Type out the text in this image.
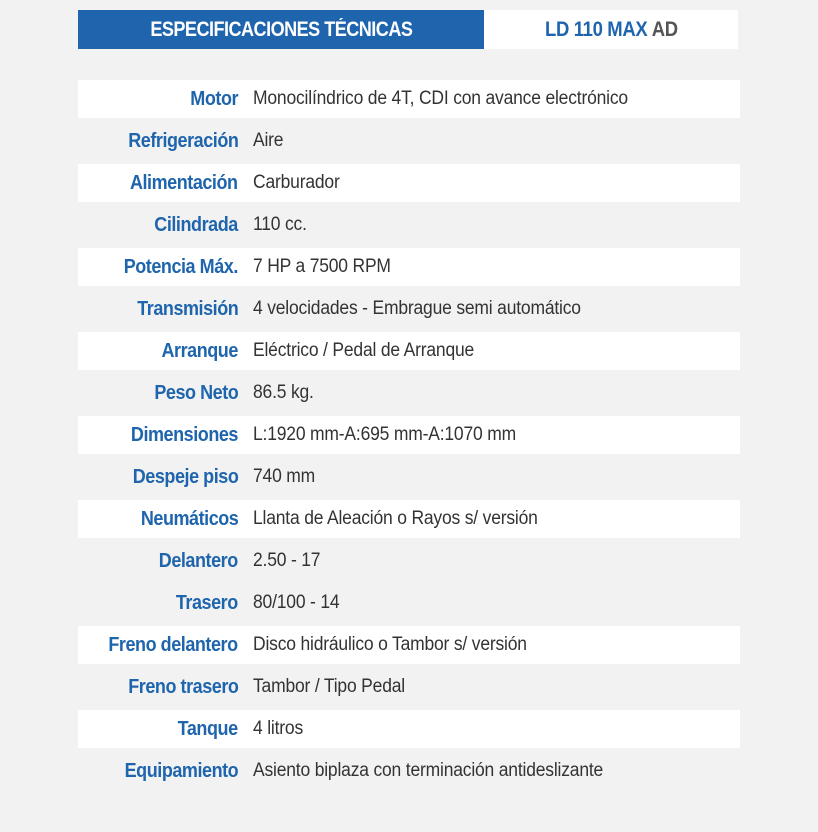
ESPECIFICACIONES TÉCNICAS	LD 110 MAX AD
Motor Monocilíndrico de 4T, CDI con avance electrónico
Refrigeración Aire
Alimentación Carburador
Cilindrada 110 cc.
Potencia Máx. 7 HP a 7500 RPM
Transmisión 4 velocidades - Embrague semi automático
Arranque Eléctrico / Pedal de Arranque
Peso Neto 86.5 kg.
Dimensiones L:1920 mm-A:695 mm-A:1070 mm
Despeje piso 740 mm
Neumáticos Llanta de Aleación o Rayos s/ versión
Delantero 2.50 - 17
Trasero 80/100 - 14
Freno delantero Disco hidráulico o Tambor s/ versión
Freno trasero Tambor / Tipo Pedal
Tanque 4 litros
Equipamiento Asiento biplaza con terminación antideslizante
